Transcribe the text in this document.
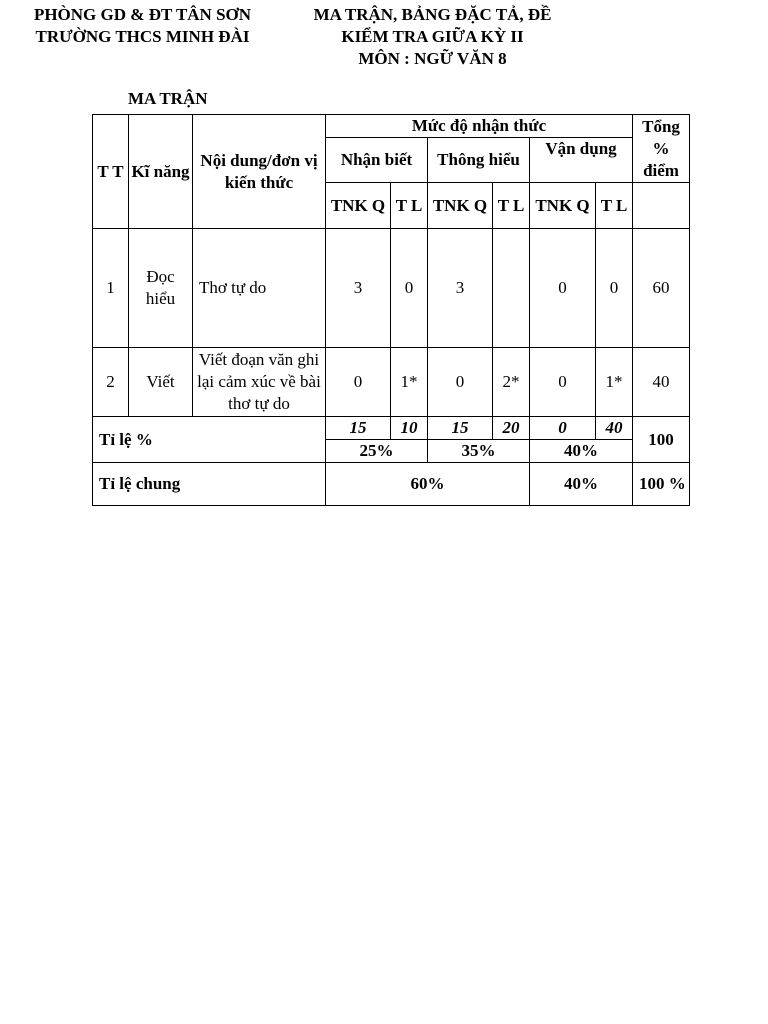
PHÒNG GD & ĐT TÂN SƠN
TRƯỜNG THCS MINH ĐÀI
MA TRẬN, BẢNG ĐẶC TẢ, ĐỀ
KIỂM TRA GIỮA KỲ II
MÔN : NGỮ VĂN 8
MA TRẬN
T T	Kĩ năng	Nội dung/đơn vị kiến thức	Mức độ nhận thức						Tổng % điểm
			Nhận biết		Thông hiểu		Vận dụng		
			TNK Q	T L	TNK Q	T L	TNK Q	T L	
1	Đọc hiểu	Thơ tự do	3	0	3		0	0	60
2	Viết	Viết đoạn văn ghi lại cảm xúc về bài thơ tự do	0	1*	0	2*	0	1*	40
Tỉ lệ %			15	10	15	20	0	40	100
			25%		35%		40%		
Tỉ lệ chung			60%				40%		100 %
